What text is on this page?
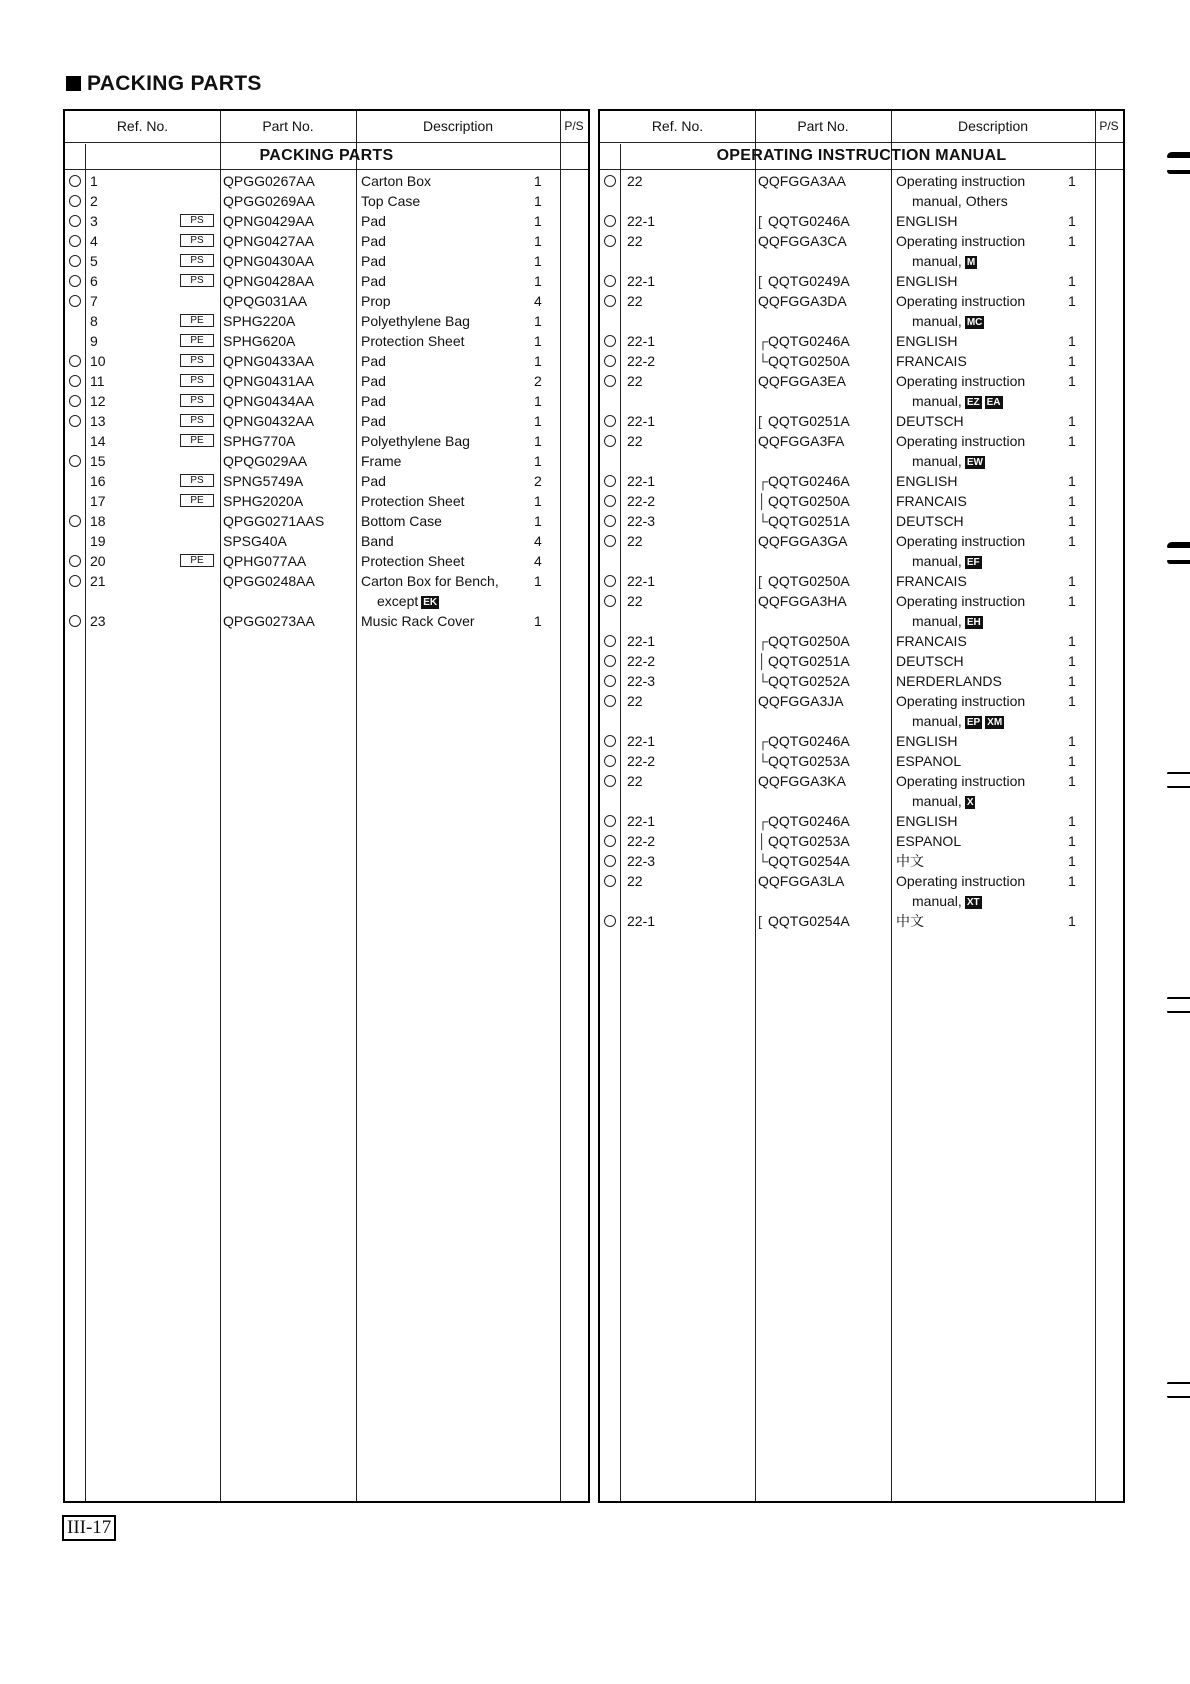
PACKING PARTS
Ref. No.	Part No.	Description	P/S
PACKING PARTS
1	QPGG0267AA	Carton Box	1
2	QPGG0269AA	Top Case	1
3	PS	QPNG0429AA	Pad	1
4	PS	QPNG0427AA	Pad	1
5	PS	QPNG0430AA	Pad	1
6	PS	QPNG0428AA	Pad	1
7	QPQG031AA	Prop	4
8	PE	SPHG220A	Polyethylene Bag	1
9	PE	SPHG620A	Protection Sheet	1
10	PS	QPNG0433AA	Pad	1
11	PS	QPNG0431AA	Pad	2
12	PS	QPNG0434AA	Pad	1
13	PS	QPNG0432AA	Pad	1
14	PE	SPHG770A	Polyethylene Bag	1
15	QPQG029AA	Frame	1
16	PS	SPNG5749A	Pad	2
17	PE	SPHG2020A	Protection Sheet	1
18	QPGG0271AAS	Bottom Case	1
19	SPSG40A	Band	4
20	PE	QPHG077AA	Protection Sheet	4
21	QPGG0248AA	Carton Box for Bench,	1
except EK
23	QPGG0273AA	Music Rack Cover	1
Ref. No.	Part No.	Description	P/S
OPERATING INSTRUCTION MANUAL
22	QQFGGA3AA	Operating instruction	1
manual, Others
22-1	[ QQTG0246A	ENGLISH	1
22	QQFGGA3CA	Operating instruction	1
manual, M
22-1	[ QQTG0249A	ENGLISH	1
22	QQFGGA3DA	Operating instruction	1
manual, MC
22-1	┌ QQTG0246A	ENGLISH	1
22-2	└ QQTG0250A	FRANCAIS	1
22	QQFGGA3EA	Operating instruction	1
manual, EZ EA
22-1	[ QQTG0251A	DEUTSCH	1
22	QQFGGA3FA	Operating instruction	1
manual, EW
22-1	┌ QQTG0246A	ENGLISH	1
22-2	│ QQTG0250A	FRANCAIS	1
22-3	└ QQTG0251A	DEUTSCH	1
22	QQFGGA3GA	Operating instruction	1
manual, EF
22-1	[ QQTG0250A	FRANCAIS	1
22	QQFGGA3HA	Operating instruction	1
manual, EH
22-1	┌ QQTG0250A	FRANCAIS	1
22-2	│ QQTG0251A	DEUTSCH	1
22-3	└ QQTG0252A	NERDERLANDS	1
22	QQFGGA3JA	Operating instruction	1
manual, EP XM
22-1	┌ QQTG0246A	ENGLISH	1
22-2	└ QQTG0253A	ESPANOL	1
22	QQFGGA3KA	Operating instruction	1
manual, X
22-1	┌ QQTG0246A	ENGLISH	1
22-2	│ QQTG0253A	ESPANOL	1
22-3	└ QQTG0254A	中文	1
22	QQFGGA3LA	Operating instruction	1
manual, XT
22-1	[ QQTG0254A	中文	1
III-17
